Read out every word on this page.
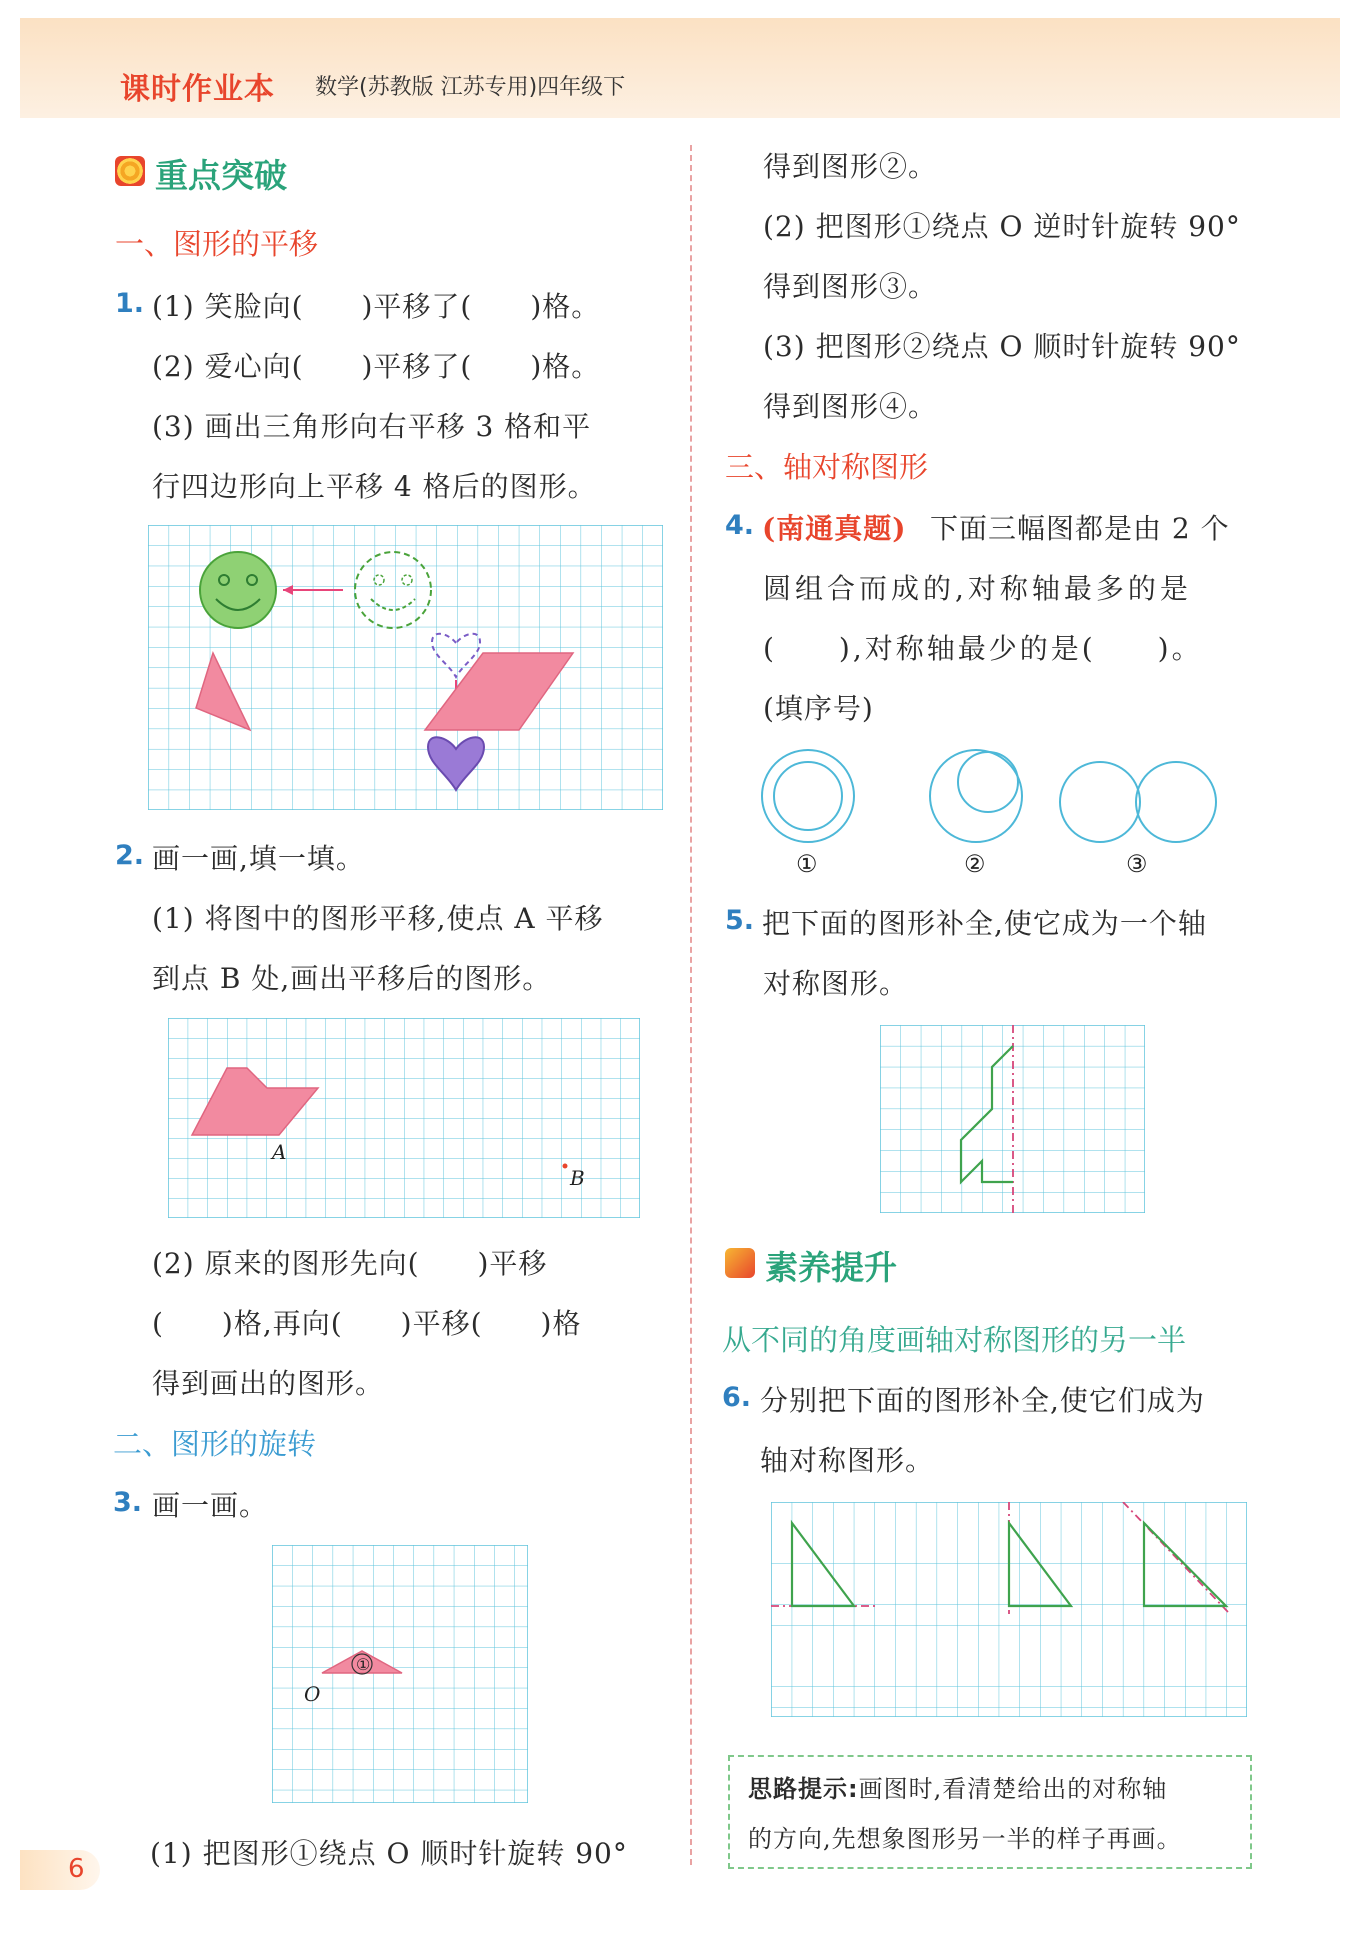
课时作业本 数学(苏教版 江苏专用)四年级下
重点突破
一、图形的平移
1. (1) 笑脸向(　　)平移了(　　)格。
(2) 爱心向(　　)平移了(　　)格。
(3) 画出三角形向右平移 3 格和平
行四边形向上平移 4 格后的图形。
2. 画一画,填一填。
(1) 将图中的图形平移,使点 A 平移
到点 B 处,画出平移后的图形。
A
B
(2) 原来的图形先向(　　)平移
(　　)格,再向(　　)平移(　　)格
得到画出的图形。
二、图形的旋转
3. 画一画。
①
O
(1) 把图形①绕点 O 顺时针旋转 90°
得到图形②。
(2) 把图形①绕点 O 逆时针旋转 90°
得到图形③。
(3) 把图形②绕点 O 顺时针旋转 90°
得到图形④。
三、轴对称图形
4. (南通真题) 下面三幅图都是由 2 个
圆组合而成的,对称轴最多的是
(　　),对称轴最少的是(　　)。
(填序号)
①	②	③
5. 把下面的图形补全,使它成为一个轴
对称图形。
素养提升
从不同的角度画轴对称图形的另一半
6. 分别把下面的图形补全,使它们成为
轴对称图形。
思路提示:画图时,看清楚给出的对称轴
的方向,先想象图形另一半的样子再画。
6
